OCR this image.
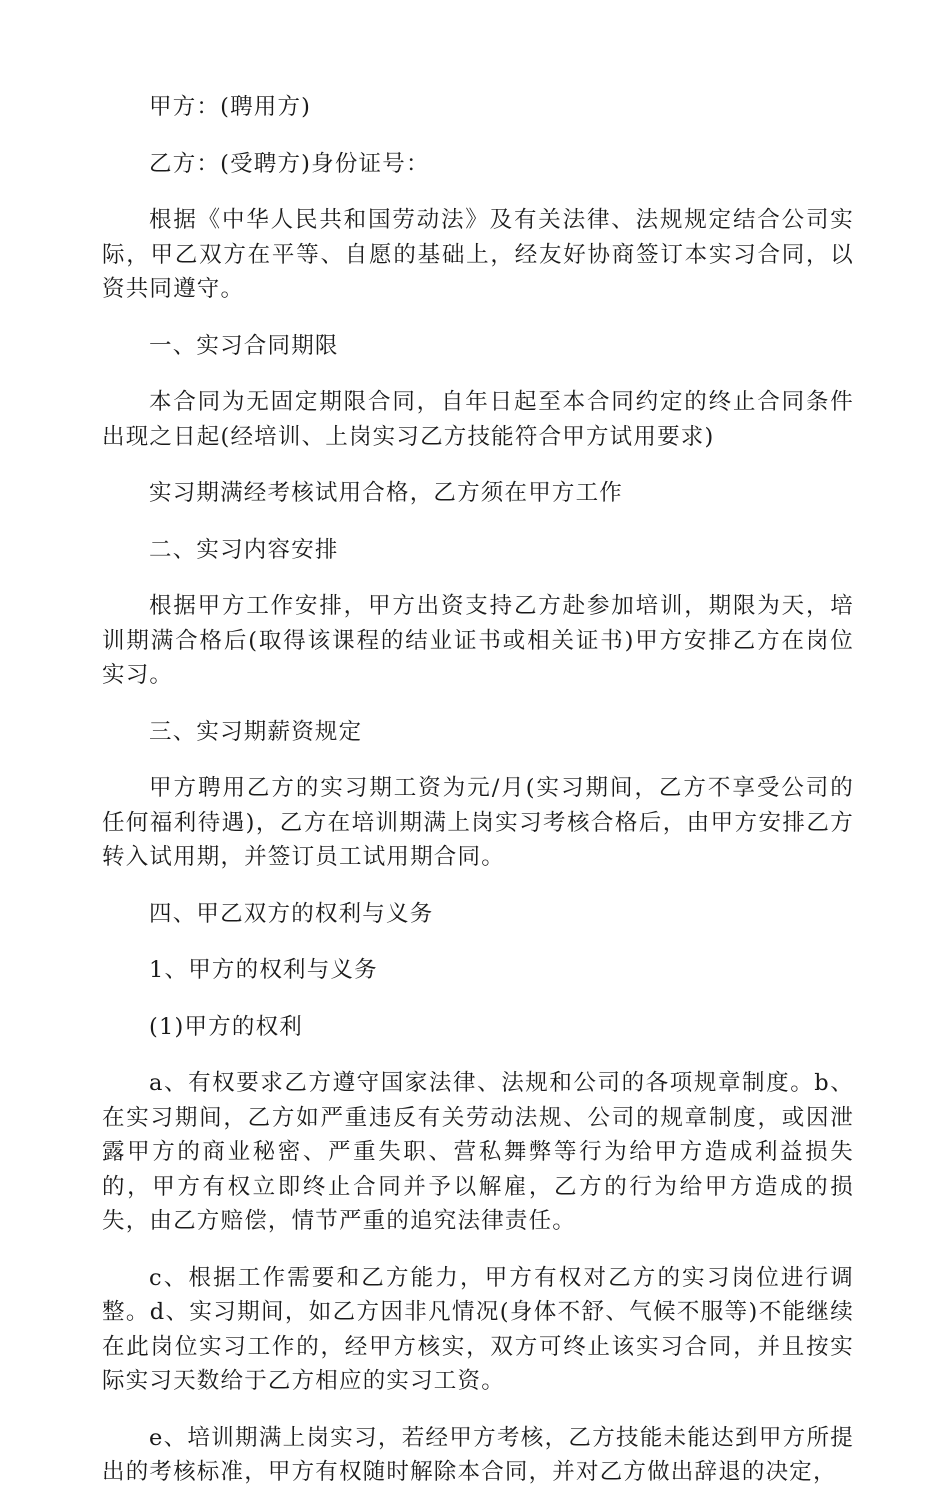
甲方：(聘用方)

乙方：(受聘方)身份证号：

根据《中华人民共和国劳动法》及有关法律、法规规定结合公司实际，甲乙双方在平等、自愿的基础上，经友好协商签订本实习合同，以资共同遵守。

一、实习合同期限

本合同为无固定期限合同，自年日起至本合同约定的终止合同条件出现之日起(经培训、上岗实习乙方技能符合甲方试用要求)

实习期满经考核试用合格，乙方须在甲方工作

二、实习内容安排

根据甲方工作安排，甲方出资支持乙方赴参加培训，期限为天，培训期满合格后(取得该课程的结业证书或相关证书)甲方安排乙方在岗位实习。

三、实习期薪资规定

甲方聘用乙方的实习期工资为元/月(实习期间，乙方不享受公司的任何福利待遇)，乙方在培训期满上岗实习考核合格后，由甲方安排乙方转入试用期，并签订员工试用期合同。

四、甲乙双方的权利与义务

1、甲方的权利与义务

(1)甲方的权利

a、有权要求乙方遵守国家法律、法规和公司的各项规章制度。b、在实习期间，乙方如严重违反有关劳动法规、公司的规章制度，或因泄露甲方的商业秘密、严重失职、营私舞弊等行为给甲方造成利益损失的，甲方有权立即终止合同并予以解雇，乙方的行为给甲方造成的损失，由乙方赔偿，情节严重的追究法律责任。

c、根据工作需要和乙方能力，甲方有权对乙方的实习岗位进行调整。d、实习期间，如乙方因非凡情况(身体不舒、气候不服等)不能继续在此岗位实习工作的，经甲方核实，双方可终止该实习合同，并且按实际实习天数给于乙方相应的实习工资。

e、培训期满上岗实习，若经甲方考核，乙方技能未能达到甲方所提出的考核标准，甲方有权随时解除本合同，并对乙方做出辞退的决定，
